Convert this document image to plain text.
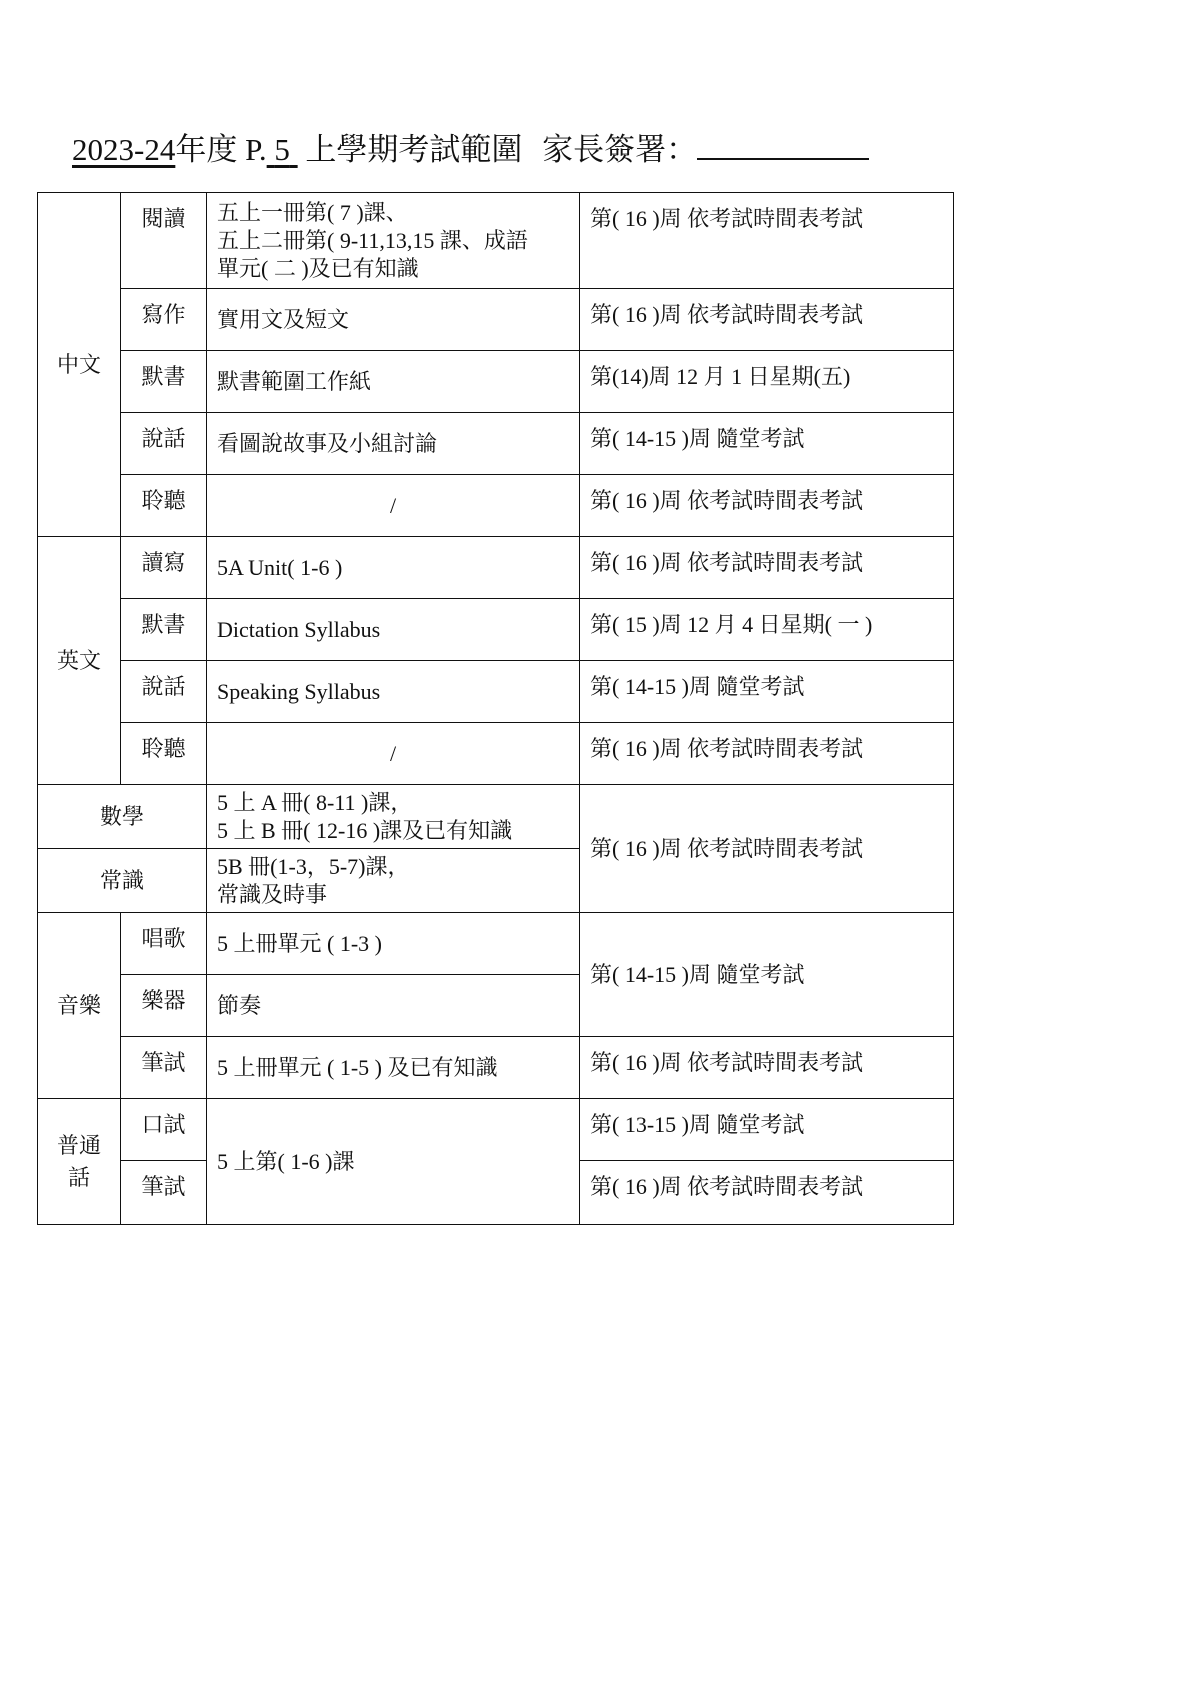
2023-24年度 P. 5 上學期考試範圍 家長簽署：
中文	閱讀	五上一冊第( 7 )課、
五上二冊第( 9-11,13,15 課、成語
單元( 二 )及已有知識	第( 16 )周 依考試時間表考試
	寫作	實用文及短文	第( 16 )周 依考試時間表考試
	默書	默書範圍工作紙	第(14)周 12 月 1 日星期(五)
	說話	看圖說故事及小組討論	第( 14-15 )周 隨堂考試
	聆聽	/	第( 16 )周 依考試時間表考試
英文	讀寫	5A Unit( 1-6 )	第( 16 )周 依考試時間表考試
	默書	Dictation Syllabus	第( 15 )周 12 月 4 日星期( 一 )
	說話	Speaking Syllabus	第( 14-15 )周 隨堂考試
	聆聽	/	第( 16 )周 依考試時間表考試
數學		5 上 A 冊( 8-11 )課，
5 上 B 冊( 12-16 )課及已有知識	第( 16 )周 依考試時間表考試
常識		5B 冊(1-3，5-7)課，
常識及時事	

音樂	唱歌	5 上冊單元 ( 1-3 )	第( 14-15 )周 隨堂考試
	樂器	節奏	
	筆試	5 上冊單元 ( 1-5 ) 及已有知識	第( 16 )周 依考試時間表考試

普通
話	口試	5 上第( 1-6 )課	第( 13-15 )周 隨堂考試
	筆試		第( 16 )周 依考試時間表考試
